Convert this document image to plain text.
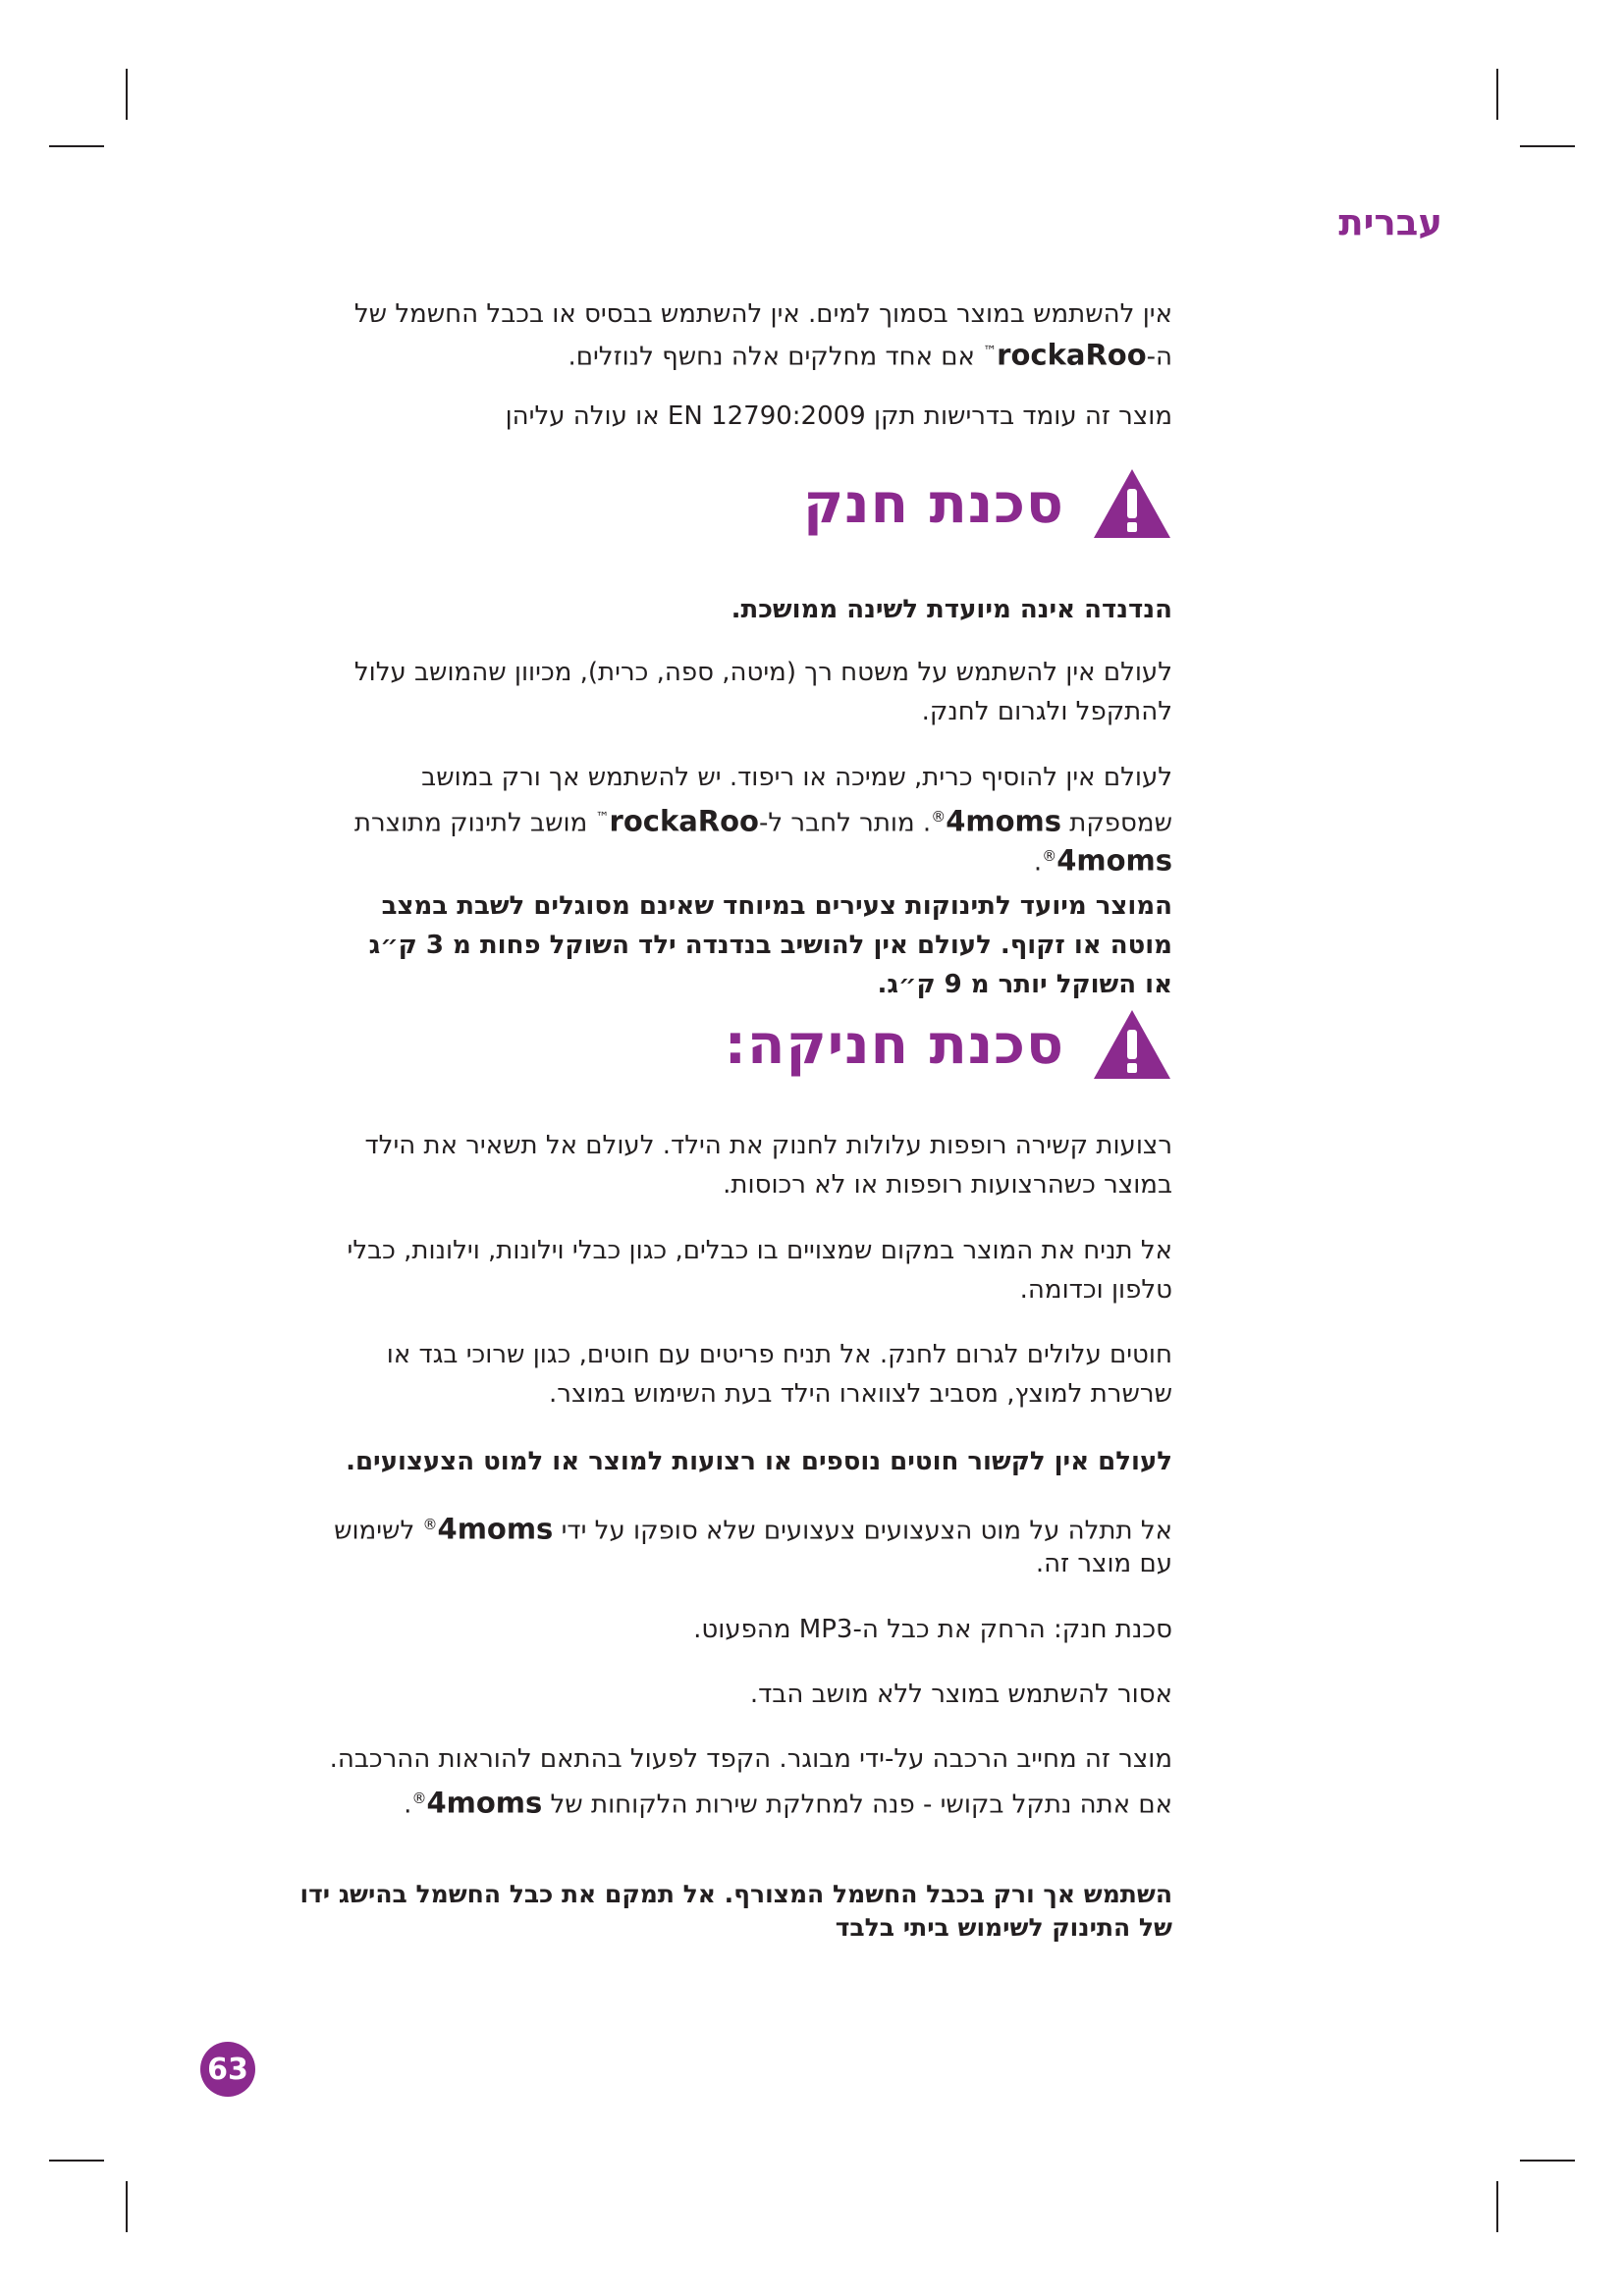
עברית

אין להשתמש במוצר בסמוך למים. אין להשתמש בבסיס או בכבל החשמל של

ה-rockaRoo™ אם אחד מחלקים אלה נחשף לנוזלים.

מוצר זה עומד בדרישות תקן EN 12790:2009 או עולה עליהן

סכנת חנק

הנדנדה אינה מיועדת לשינה ממושכת.

לעולם אין להשתמש על משטח רך (מיטה, ספה, כרית), מכיוון שהמושב עלול

להתקפל ולגרום לחנק.

לעולם אין להוסיף כרית, שמיכה או ריפוד. יש להשתמש אך ורק במושב

שמספקת 4moms®. מותר לחבר ל-rockaRoo™ מושב לתינוק מתוצרת

4moms®.

המוצר מיועד לתינוקות צעירים במיוחד שאינם מסוגלים לשבת במצב

מוטה או זקוף. לעולם אין להושיב בנדנדה ילד השוקל פחות מ 3 ק״ג

או השוקל יותר מ 9 ק״ג.

סכנת חניקה:

רצועות קשירה רופפות עלולות לחנוק את הילד. לעולם אל תשאיר את הילד

במוצר כשהרצועות רופפות או לא רכוסות.

אל תניח את המוצר במקום שמצויים בו כבלים, כגון כבלי וילונות, וילונות, כבלי

טלפון וכדומה.

חוטים עלולים לגרום לחנק. אל תניח פריטים עם חוטים, כגון שרוכי בגד או

שרשרת למוצץ, מסביב לצווארו הילד בעת השימוש במוצר.

לעולם אין לקשור חוטים נוספים או רצועות למוצר או למוט הצעצועים.

אל תתלה על מוט הצעצועים צעצועים שלא סופקו על ידי 4moms® לשימוש

עם מוצר זה.

סכנת חנק: הרחק את כבל ה-MP3 מהפעוט.

אסור להשתמש במוצר ללא מושב הבד.

מוצר זה מחייב הרכבה על-ידי מבוגר. הקפד לפעול בהתאם להוראות ההרכבה.

אם אתה נתקל בקושי - פנה למחלקת שירות הלקוחות של 4moms®.

השתמש אך ורק בכבל החשמל המצורף. אל תמקם את כבל החשמל בהישג ידו

של התינוק לשימוש ביתי בלבד

63
